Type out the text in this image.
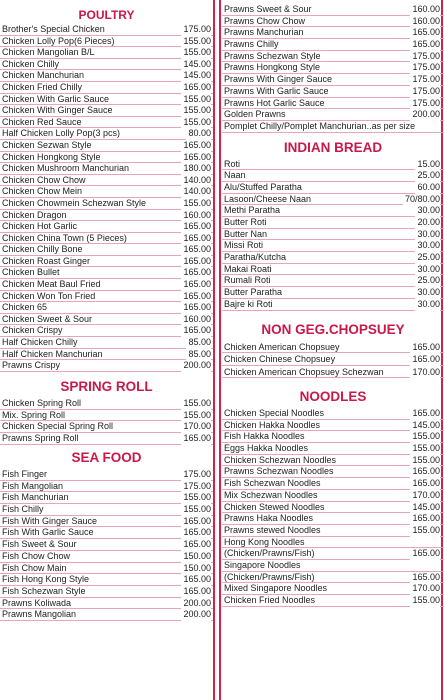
POULTRY
Brother's Special Chicken	175.00
Chicken Lolly Pop(6 Pieces)	155.00
Chicken Mangolian B/L	155.00
Chicken Chilly	145.00
Chicken Manchurian	145.00
Chicken Fried Chilly	165.00
Chicken With Garlic Sauce	155.00
Chicken With Ginger Sauce	155.00
Chicken Red Sauce	155.00
Half Chicken Lolly Pop(3 pcs)	80.00
Chicken Sezwan Style	165.00
Chicken Hongkong Style	165.00
Chicken Mushroom Manchurian	180.00
Chicken Chow Chow	140.00
Chicken Chow Mein	140.00
Chicken Chowmein Schezwan Style	155.00
Chicken Dragon	160.00
Chicken Hot Garlic	165.00
Chicken China Town (5 Pieces)	165.00
Chicken Chilly Bone	165.00
Chicken Roast Ginger	165.00
Chicken Bullet	165.00
Chicken Meat Baul Fried	165.00
Chicken Won Ton Fried	165.00
Chicken 65	165.00
Chicken Sweet & Sour	160.00
Chicken Crispy	165.00
Half Chicken Chilly	85.00
Half Chicken Manchurian	85.00
Prawns Crispy	200.00
SPRING ROLL
Chicken Spring Roll	155.00
Mix. Spring Roll	155.00
Chicken Special Spring Roll	170.00
Prawns Spring Roll	165.00
SEA FOOD
Fish Finger	175.00
Fish Mangolian	175.00
Fish Manchurian	155.00
Fish Chilly	155.00
Fish With Ginger Sauce	165.00
Fish With Garlic Sauce	165.00
Fish Sweet & Sour	165.00
Fish Chow Chow	150.00
Fish Chow Main	150.00
Fish Hong Kong Style	165.00
Fish Schezwan Style	165.00
Prawns Koliwada	200.00
Prawns Mangolian	200.00
Prawns Sweet & Sour	160.00
Prawns Chow Chow	160.00
Prawns Manchurian	165.00
Prawns Chilly	165.00
Prawns Schezwan Style	175.00
Prawns Hongkong Style	175.00
Prawns With Ginger Sauce	175.00
Prawns With Garlic Sauce	175.00
Prawns Hot Garlic Sauce	175.00
Golden Prawns	200.00
Pomplet Chilly/Pomplet Manchurian..as per size
INDIAN BREAD
Roti	15.00
Naan	25.00
Alu/Stuffed Paratha	60.00
Lasoon/Cheese Naan	70/80.00
Methi Paratha	30.00
Butter Roti	20.00
Butter Nan	30.00
Missi Roti	30.00
Paratha/Kutcha	25.00
Makai Roati	30.00
Rumali Roti	25.00
Butter Paratha	30.00
Bajre ki Roti	30.00
NON GEG.CHOPSUEY
Chicken American Chopsuey	165.00
Chicken Chinese Chopsuey	165.00
Chicken American Chopsuey Schezwan	170.00
NOODLES
Chicken Special Noodles	165.00
Chicken Hakka Noodles	145.00
Fish Hakka Noodles	155.00
Eggs Hakka Noodles	155.00
Chicken Schezwan Noodles	155.00
Prawns Schezwan Noodles	165.00
Fish Schezwan Noodles	165.00
Mix Schezwan Noodles	170.00
Chicken Stewed Noodles	145.00
Prawns Haka Noodles	165.00
Prawns stewed Noodles	155.00
Hong Kong Noodles
(Chicken/Prawns/Fish)	165.00
Singapore Noodles
(Chicken/Prawns/Fish)	165.00
Mixed Singapore Noodles	170.00
Chicken Fried Noodles	155.00
